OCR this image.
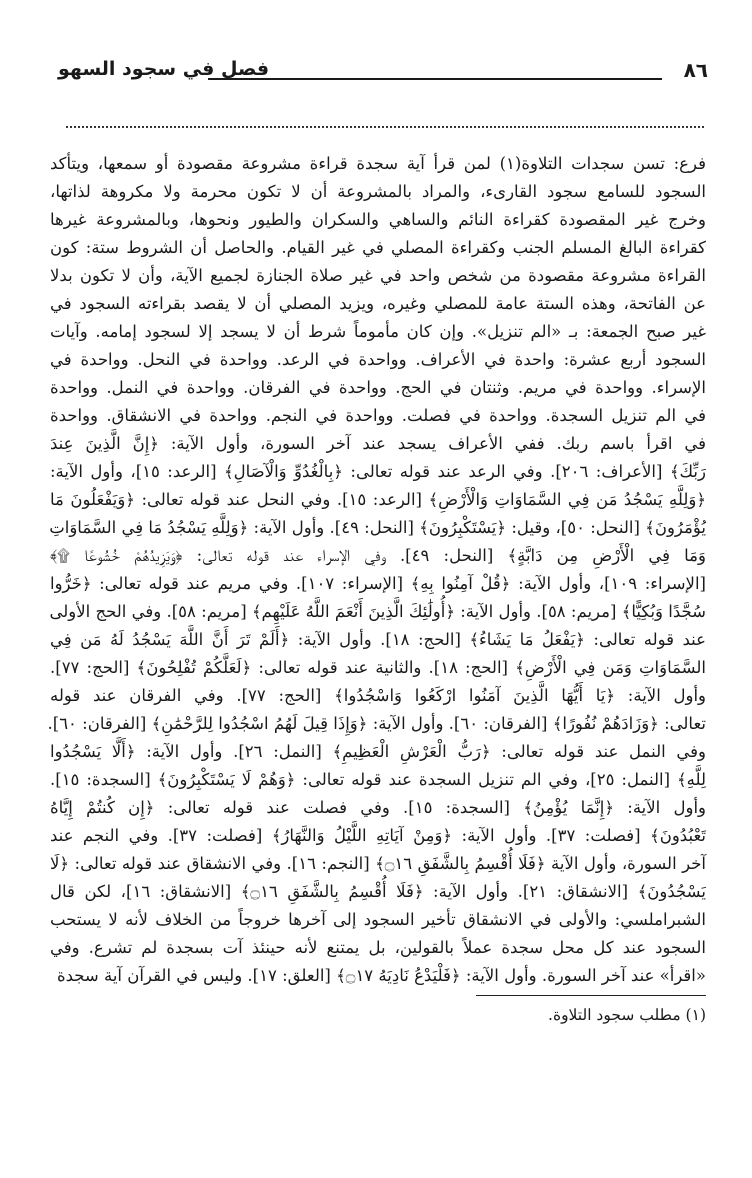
٨٦
فصل في سجود السهو
فرع: تسن سجدات التلاوة(١) لمن قرأ آية سجدة قراءة مشروعة مقصودة أو سمعها، ويتأكد
السجود للسامع سجود القارىء، والمراد بالمشروعة أن لا تكون محرمة ولا مكروهة لذاتها،
وخرج غير المقصودة كقراءة النائم والساهي والسكران والطيور ونحوها، وبالمشروعة غيرها
كقراءة البالغ المسلم الجنب وكقراءة المصلي في غير القيام. والحاصل أن الشروط ستة: كون
القراءة مشروعة مقصودة من شخص واحد في غير صلاة الجنازة لجميع الآية، وأن لا تكون بدلا
عن الفاتحة، وهذه الستة عامة للمصلي وغيره، ويزيد المصلي أن لا يقصد بقراءته السجود في
غير صبح الجمعة: بـ «الم تنزيل». وإن كان مأموماً شرط أن لا يسجد إلا لسجود إمامه. وآيات
السجود أربع عشرة: واحدة في الأعراف. وواحدة في الرعد. وواحدة في النحل. وواحدة في
الإسراء. وواحدة في مريم. وثنتان في الحج. وواحدة في الفرقان. وواحدة في النمل. وواحدة
في الم تنزيل السجدة. وواحدة في فصلت. وواحدة في النجم. وواحدة في الانشقاق. وواحدة
في اقرأ باسم ربك. ففي الأعراف يسجد عند آخر السورة، وأول الآية: ﴿إِنَّ الَّذِينَ عِندَ
رَبِّكَ﴾ [الأعراف: ٢٠٦]. وفي الرعد عند قوله تعالى: ﴿بِالْغُدُوِّ وَالْآصَالِ﴾ [الرعد: ١٥]، وأول الآية:
﴿وَلِلَّهِ يَسْجُدُ مَن فِي السَّمَاوَاتِ وَالْأَرْضِ﴾ [الرعد: ١٥]. وفي النحل عند قوله تعالى: ﴿وَيَفْعَلُونَ مَا
يُؤْمَرُونَ﴾ [النحل: ٥٠]، وقيل: ﴿يَسْتَكْبِرُونَ﴾ [النحل: ٤٩]. وأول الآية: ﴿وَلِلَّهِ يَسْجُدُ مَا فِي السَّمَاوَاتِ
وَمَا فِي الْأَرْضِ مِن دَابَّةٍ﴾ [النحل: ٤٩]. وفي الإسراء عند قوله تعالى: ﴿وَيَزِيدُهُمْ خُشُوعًا ۩﴾
[الإسراء: ١٠٩]، وأول الآية: ﴿قُلْ آمِنُوا بِهِ﴾ [الإسراء: ١٠٧]. وفي مريم عند قوله تعالى: ﴿خَرُّوا
سُجَّدًا وَبُكِيًّا﴾ [مريم: ٥٨]. وأول الآية: ﴿أُولَٰئِكَ الَّذِينَ أَنْعَمَ اللَّهُ عَلَيْهِم﴾ [مريم: ٥٨]. وفي الحج الأولى
عند قوله تعالى: ﴿يَفْعَلُ مَا يَشَاءُ﴾ [الحج: ١٨]. وأول الآية: ﴿أَلَمْ تَرَ أَنَّ اللَّهَ يَسْجُدُ لَهُ مَن فِي
السَّمَاوَاتِ وَمَن فِي الْأَرْضِ﴾ [الحج: ١٨]. والثانية عند قوله تعالى: ﴿لَعَلَّكُمْ تُفْلِحُونَ﴾ [الحج: ٧٧].
وأول الآية: ﴿يَا أَيُّهَا الَّذِينَ آمَنُوا ارْكَعُوا وَاسْجُدُوا﴾ [الحج: ٧٧]. وفي الفرقان عند قوله
تعالى: ﴿وَزَادَهُمْ نُفُورًا﴾ [الفرقان: ٦٠]. وأول الآية: ﴿وَإِذَا قِيلَ لَهُمُ اسْجُدُوا لِلرَّحْمَٰنِ﴾ [الفرقان: ٦٠].
وفي النمل عند قوله تعالى: ﴿رَبُّ الْعَرْشِ الْعَظِيمِ﴾ [النمل: ٢٦]. وأول الآية: ﴿أَلَّا يَسْجُدُوا
لِلَّهِ﴾ [النمل: ٢٥]، وفي الم تنزيل السجدة عند قوله تعالى: ﴿وَهُمْ لَا يَسْتَكْبِرُونَ﴾ [السجدة: ١٥].
وأول الآية: ﴿إِنَّمَا يُؤْمِنُ﴾ [السجدة: ١٥]. وفي فصلت عند قوله تعالى: ﴿إِن كُنتُمْ إِيَّاهُ
تَعْبُدُونَ﴾ [فصلت: ٣٧]. وأول الآية: ﴿وَمِنْ آيَاتِهِ اللَّيْلُ وَالنَّهَارُ﴾ [فصلت: ٣٧]. وفي النجم عند
آخر السورة، وأول الآية ﴿فَلَا أُقْسِمُ بِالشَّفَقِ ۝١٦﴾ [النجم: ١٦]. وفي الانشقاق عند قوله تعالى: ﴿لَا
يَسْجُدُونَ﴾ [الانشقاق: ٢١]. وأول الآية: ﴿فَلَا أُقْسِمُ بِالشَّفَقِ ۝١٦﴾ [الانشقاق: ١٦]، لكن قال
الشبراملسي: والأولى في الانشقاق تأخير السجود إلى آخرها خروجاً من الخلاف لأنه لا يستحب
السجود عند كل محل سجدة عملاً بالقولين، بل يمتنع لأنه حينئذ آت بسجدة لم تشرع. وفي
«اقرأ» عند آخر السورة. وأول الآية: ﴿فَلْيَدْعُ نَادِيَهُ ۝١٧﴾ [العلق: ١٧]. وليس في القرآن آية سجدة
(١) مطلب سجود التلاوة.
